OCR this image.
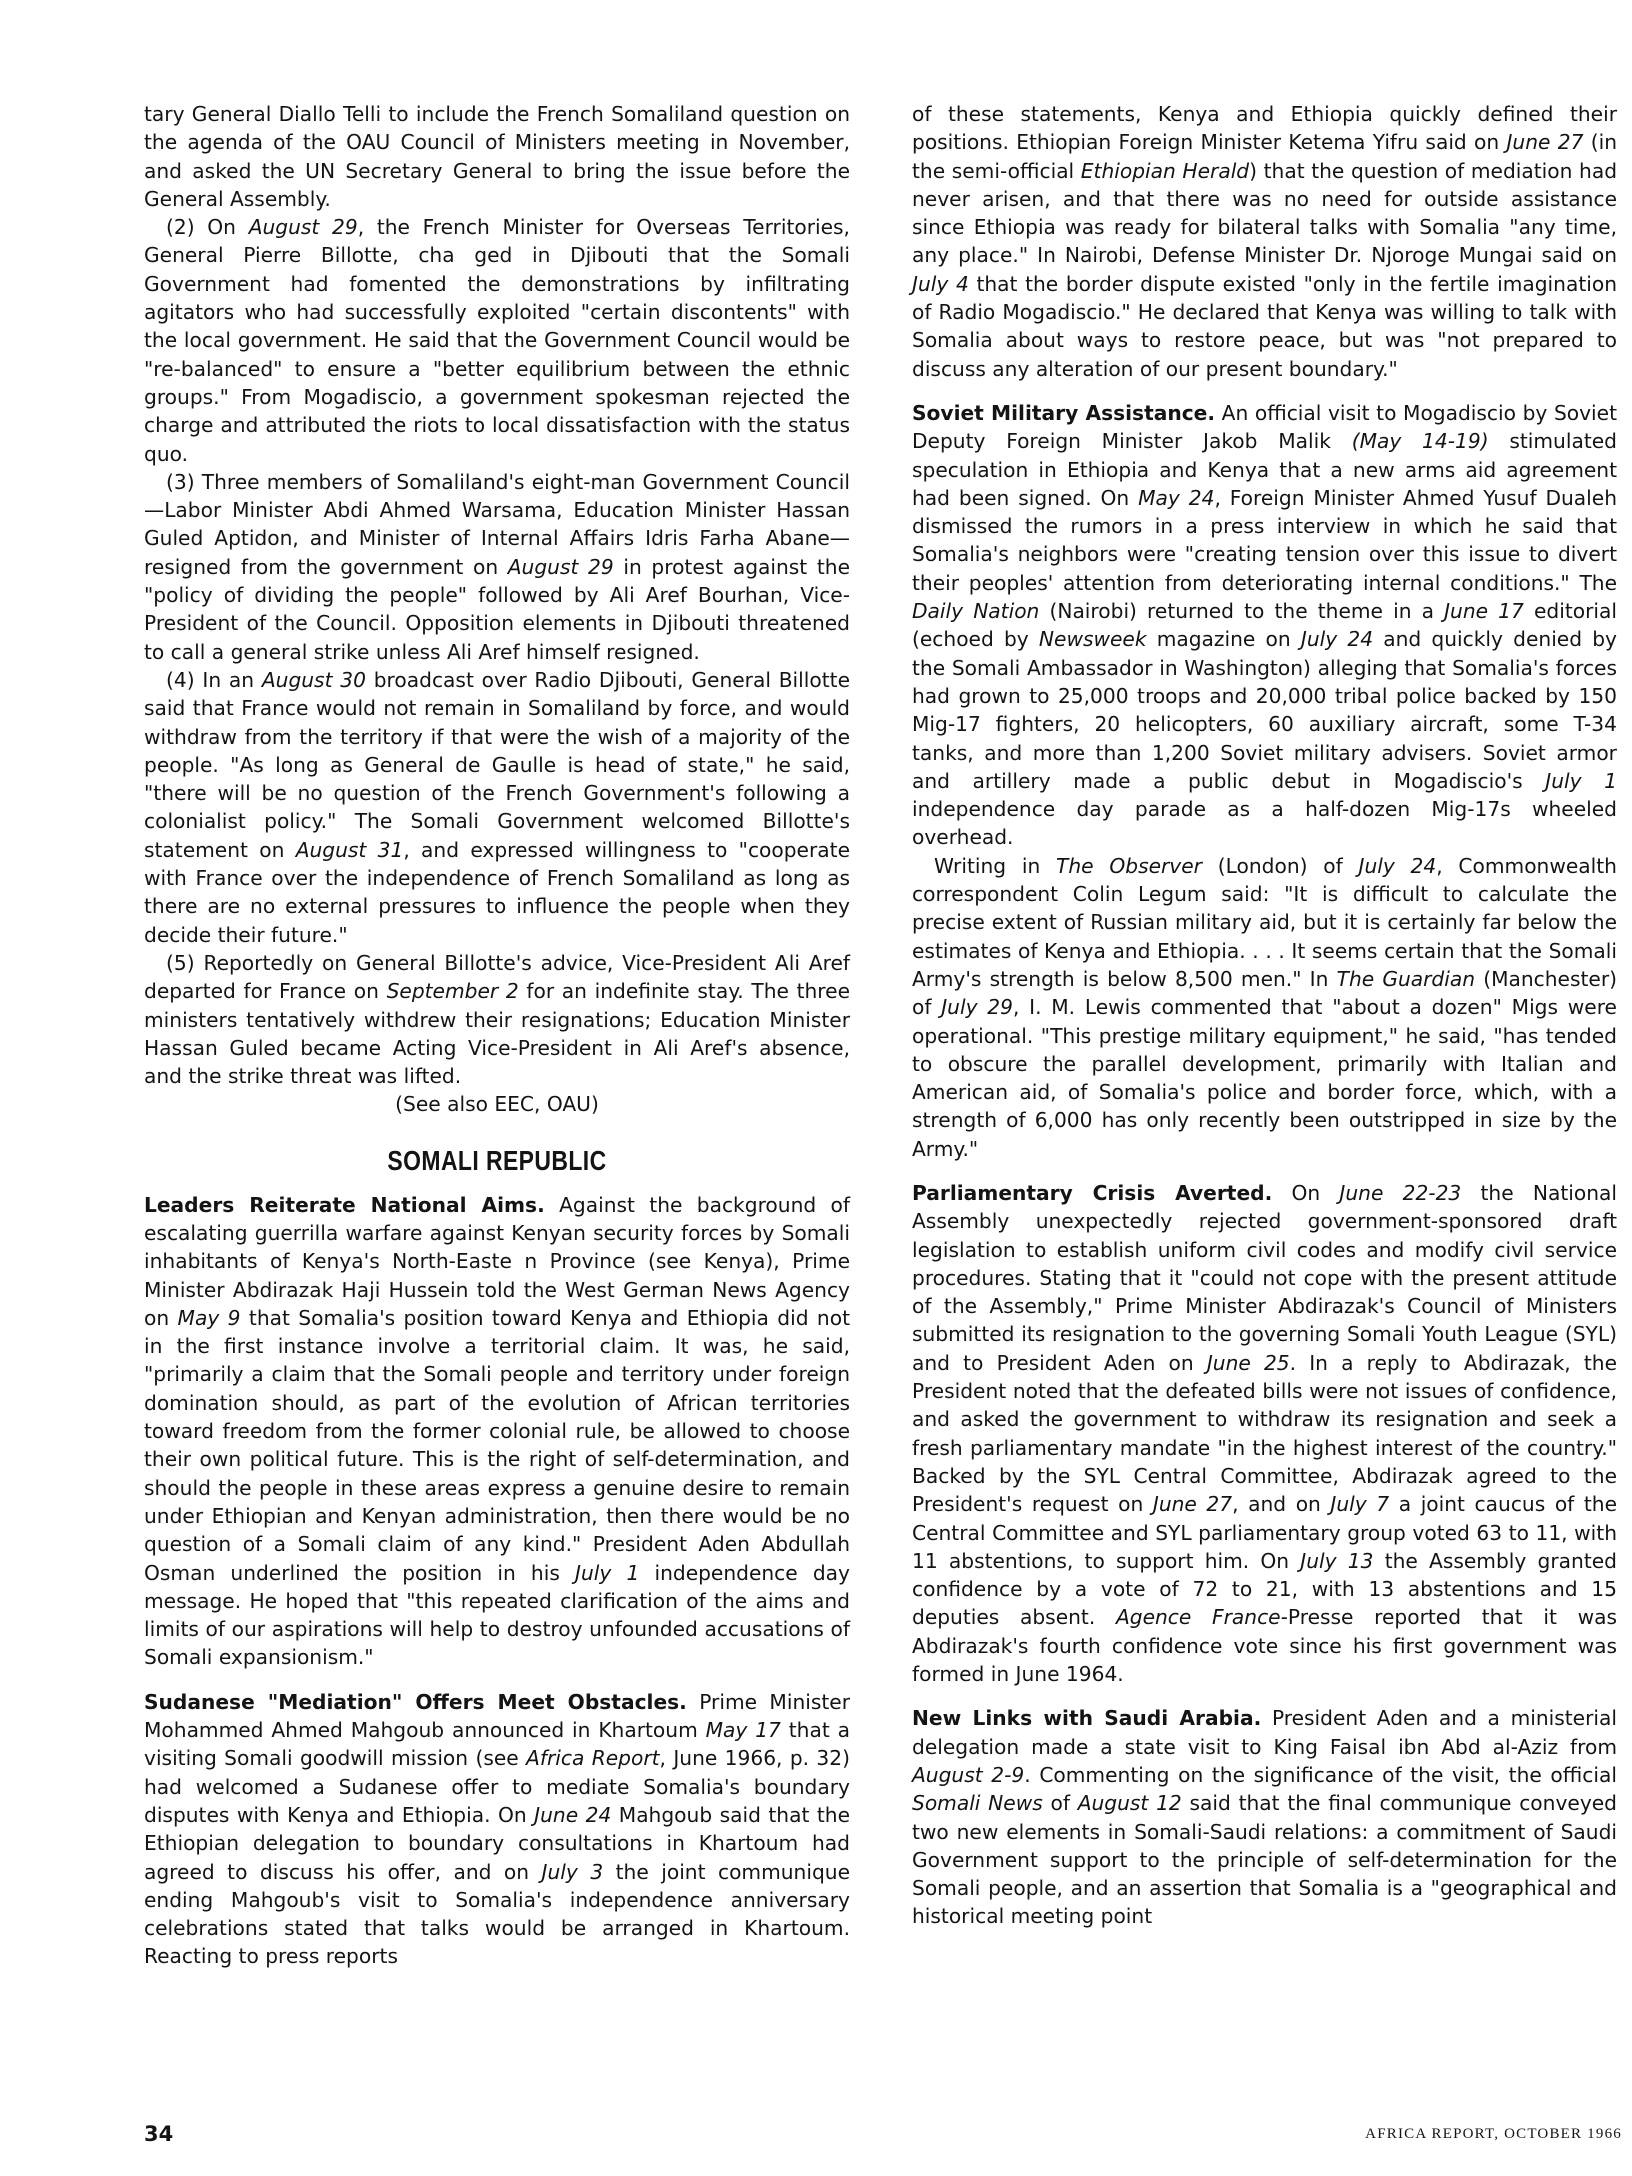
tary General Diallo Telli to include the French Somaliland question on the agenda of the OAU Council of Ministers meeting in November, and asked the UN Secretary General to bring the issue before the General Assembly.

(2) On August 29, the French Minister for Overseas Territories, General Pierre Billotte, cha ged in Djibouti that the Somali Government had fomented the demonstrations by infiltrating agitators who had successfully exploited "certain discontents" with the local government. He said that the Government Council would be "re-balanced" to ensure a "better equilibrium between the ethnic groups." From Mogadiscio, a government spokesman rejected the charge and attributed the riots to local dissatisfaction with the status quo.

(3) Three members of Somaliland's eight-man Government Council—Labor Minister Abdi Ahmed Warsama, Education Minister Hassan Guled Aptidon, and Minister of Internal Affairs Idris Farha Abane—resigned from the government on August 29 in protest against the "policy of dividing the people" followed by Ali Aref Bourhan, Vice-President of the Council. Opposition elements in Djibouti threatened to call a general strike unless Ali Aref himself resigned.

(4) In an August 30 broadcast over Radio Djibouti, General Billotte said that France would not remain in Somaliland by force, and would withdraw from the territory if that were the wish of a majority of the people. "As long as General de Gaulle is head of state," he said, "there will be no question of the French Government's following a colonialist policy." The Somali Government welcomed Billotte's statement on August 31, and expressed willingness to "cooperate with France over the independence of French Somaliland as long as there are no external pressures to influence the people when they decide their future."

(5) Reportedly on General Billotte's advice, Vice-President Ali Aref departed for France on September 2 for an indefinite stay. The three ministers tentatively withdrew their resignations; Education Minister Hassan Guled became Acting Vice-President in Ali Aref's absence, and the strike threat was lifted.

(See also EEC, OAU)

SOMALI REPUBLIC

Leaders Reiterate National Aims. Against the background of escalating guerrilla warfare against Kenyan security forces by Somali inhabitants of Kenya's North-Easte n Province (see Kenya), Prime Minister Abdirazak Haji Hussein told the West German News Agency on May 9 that Somalia's position toward Kenya and Ethiopia did not in the first instance involve a territorial claim. It was, he said, "primarily a claim that the Somali people and territory under foreign domination should, as part of the evolution of African territories toward freedom from the former colonial rule, be allowed to choose their own political future. This is the right of self-determination, and should the people in these areas express a genuine desire to remain under Ethiopian and Kenyan administration, then there would be no question of a Somali claim of any kind." President Aden Abdullah Osman underlined the position in his July 1 independence day message. He hoped that "this repeated clarification of the aims and limits of our aspirations will help to destroy unfounded accusations of Somali expansionism."

Sudanese "Mediation" Offers Meet Obstacles. Prime Minister Mohammed Ahmed Mahgoub announced in Khartoum May 17 that a visiting Somali goodwill mission (see Africa Report, June 1966, p. 32) had welcomed a Sudanese offer to mediate Somalia's boundary disputes with Kenya and Ethiopia. On June 24 Mahgoub said that the Ethiopian delegation to boundary consultations in Khartoum had agreed to discuss his offer, and on July 3 the joint communique ending Mahgoub's visit to Somalia's independence anniversary celebrations stated that talks would be arranged in Khartoum. Reacting to press reports

of these statements, Kenya and Ethiopia quickly defined their positions. Ethiopian Foreign Minister Ketema Yifru said on June 27 (in the semi-official Ethiopian Herald) that the question of mediation had never arisen, and that there was no need for outside assistance since Ethiopia was ready for bilateral talks with Somalia "any time, any place." In Nairobi, Defense Minister Dr. Njoroge Mungai said on July 4 that the border dispute existed "only in the fertile imagination of Radio Mogadiscio." He declared that Kenya was willing to talk with Somalia about ways to restore peace, but was "not prepared to discuss any alteration of our present boundary."

Soviet Military Assistance. An official visit to Mogadiscio by Soviet Deputy Foreign Minister Jakob Malik (May 14-19) stimulated speculation in Ethiopia and Kenya that a new arms aid agreement had been signed. On May 24, Foreign Minister Ahmed Yusuf Dualeh dismissed the rumors in a press interview in which he said that Somalia's neighbors were "creating tension over this issue to divert their peoples' attention from deteriorating internal conditions." The Daily Nation (Nairobi) returned to the theme in a June 17 editorial (echoed by Newsweek magazine on July 24 and quickly denied by the Somali Ambassador in Washington) alleging that Somalia's forces had grown to 25,000 troops and 20,000 tribal police backed by 150 Mig-17 fighters, 20 helicopters, 60 auxiliary aircraft, some T-34 tanks, and more than 1,200 Soviet military advisers. Soviet armor and artillery made a public debut in Mogadiscio's July 1 independence day parade as a half-dozen Mig-17s wheeled overhead.

Writing in The Observer (London) of July 24, Commonwealth correspondent Colin Legum said: "It is difficult to calculate the precise extent of Russian military aid, but it is certainly far below the estimates of Kenya and Ethiopia. . . . It seems certain that the Somali Army's strength is below 8,500 men." In The Guardian (Manchester) of July 29, I. M. Lewis commented that "about a dozen" Migs were operational. "This prestige military equipment," he said, "has tended to obscure the parallel development, primarily with Italian and American aid, of Somalia's police and border force, which, with a strength of 6,000 has only recently been outstripped in size by the Army."

Parliamentary Crisis Averted. On June 22-23 the National Assembly unexpectedly rejected government-sponsored draft legislation to establish uniform civil codes and modify civil service procedures. Stating that it "could not cope with the present attitude of the Assembly," Prime Minister Abdirazak's Council of Ministers submitted its resignation to the governing Somali Youth League (SYL) and to President Aden on June 25. In a reply to Abdirazak, the President noted that the defeated bills were not issues of confidence, and asked the government to withdraw its resignation and seek a fresh parliamentary mandate "in the highest interest of the country." Backed by the SYL Central Committee, Abdirazak agreed to the President's request on June 27, and on July 7 a joint caucus of the Central Committee and SYL parliamentary group voted 63 to 11, with 11 abstentions, to support him. On July 13 the Assembly granted confidence by a vote of 72 to 21, with 13 abstentions and 15 deputies absent. Agence France-Presse reported that it was Abdirazak's fourth confidence vote since his first government was formed in June 1964.

New Links with Saudi Arabia. President Aden and a ministerial delegation made a state visit to King Faisal ibn Abd al-Aziz from August 2-9. Commenting on the significance of the visit, the official Somali News of August 12 said that the final communique conveyed two new elements in Somali-Saudi relations: a commitment of Saudi Government support to the principle of self-determination for the Somali people, and an assertion that Somalia is a "geographical and historical meeting point

34	AFRICA REPORT, OCTOBER 1966
